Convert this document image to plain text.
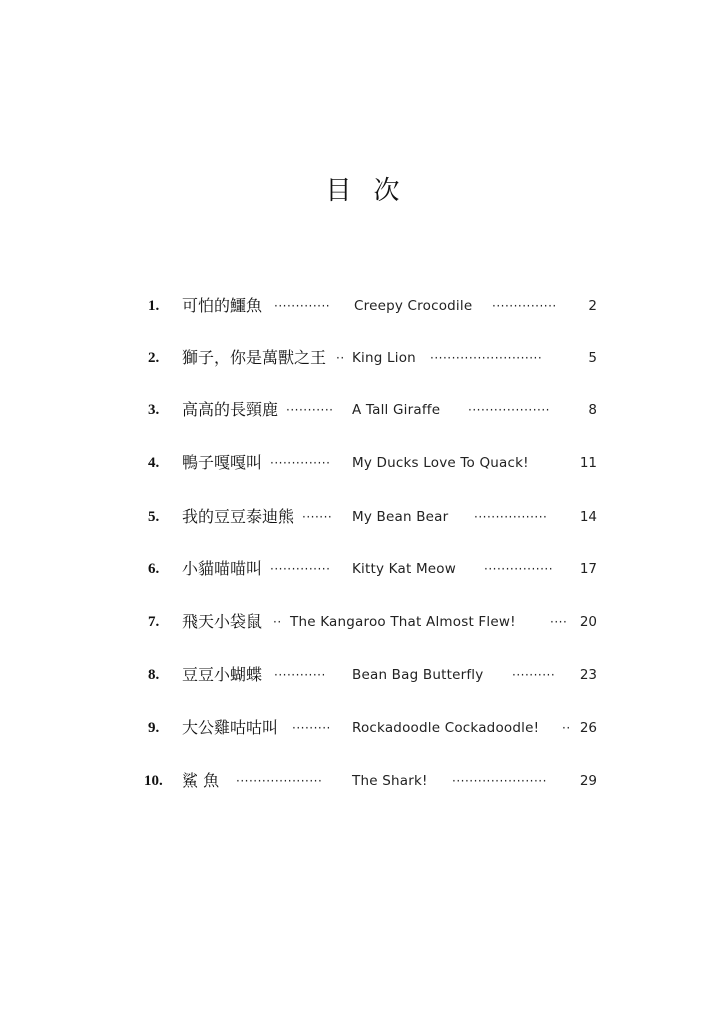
目次
1. 可怕的鱷魚 ············· Creepy Crocodile ··············· 2
2. 獅子，你是萬獸之王 ·· King Lion ··························	5
3. 高高的長頸鹿 ··········· A Tall Giraffe ···················	8
4. 鴨子嘎嘎叫 ·············· My Ducks Love To Quack!	11
5. 我的豆豆泰迪熊 ······· My Bean Bear ················· 14
6. 小貓喵喵叫 ·············· Kitty Kat Meow ················ 17
7. 飛天小袋鼠 ·· The Kangaroo That Almost Flew!	···· 20
8. 豆豆小蝴蝶 ············ Bean Bag Butterfly ·········· 23
9. 大公雞咕咕叫 ········· Rockadoodle Cockadoodle! ·· 26
10. 鯊 魚 ···················· The Shark! ······················ 29
